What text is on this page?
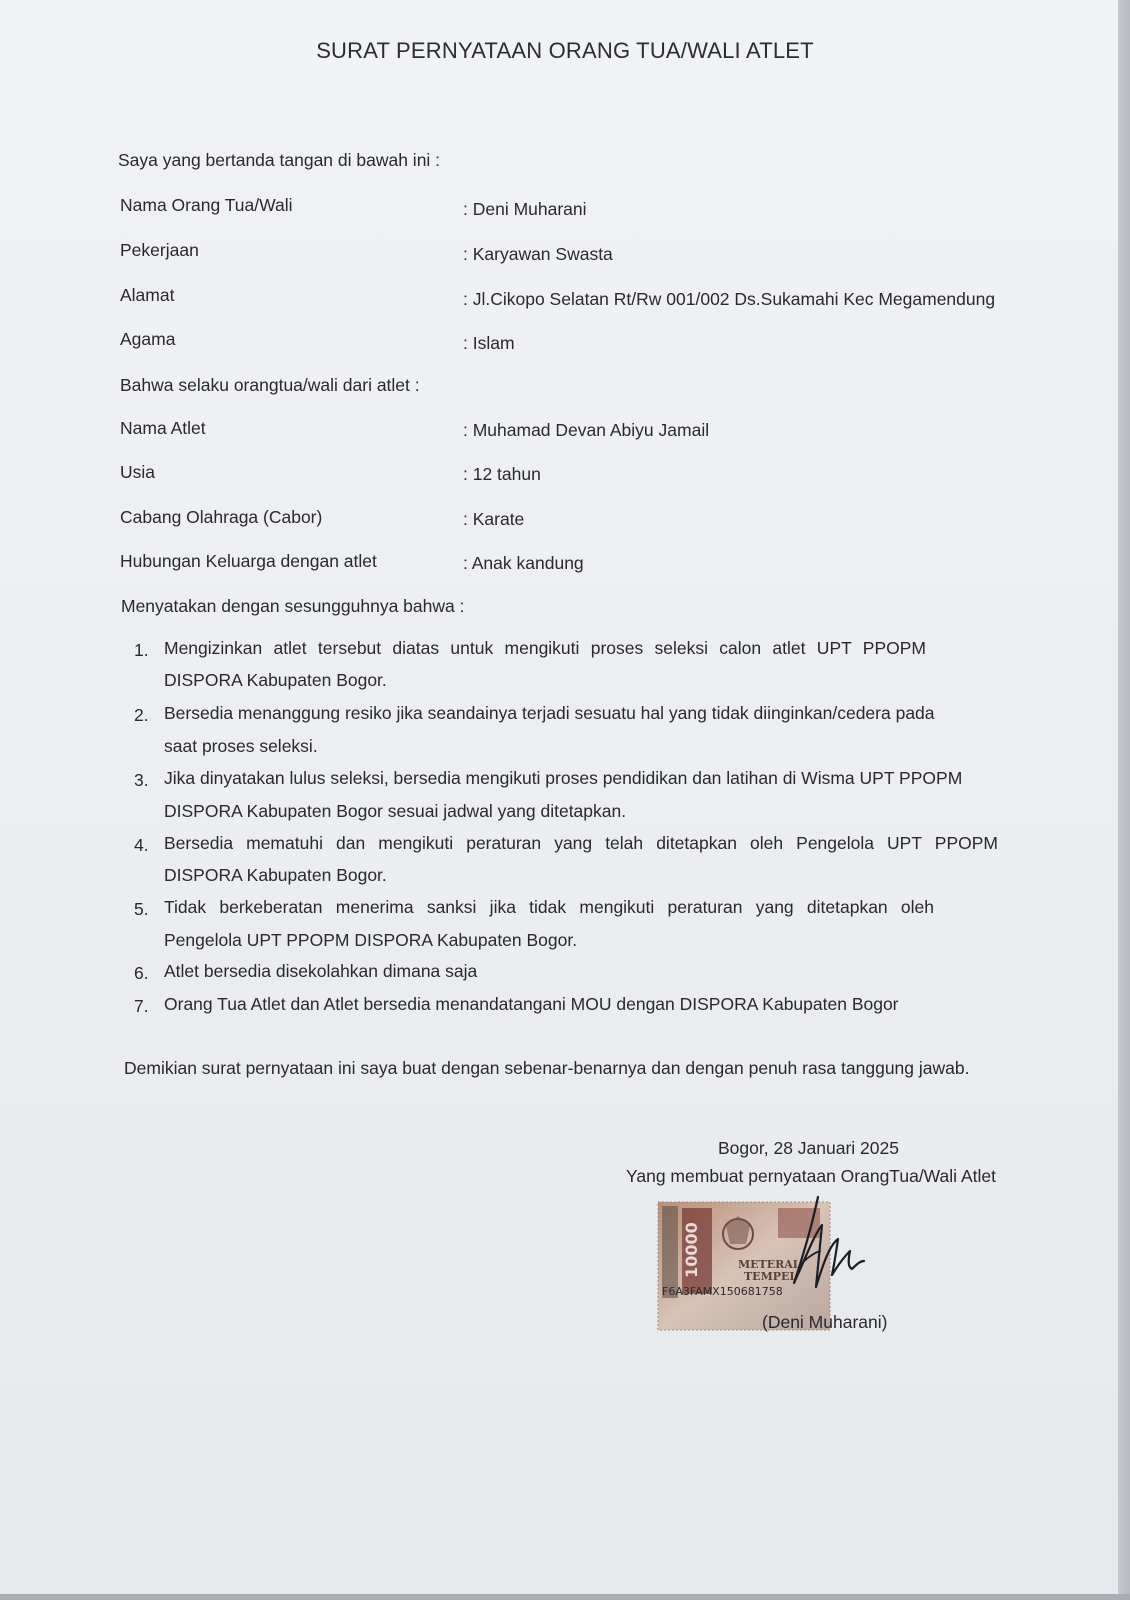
SURAT PERNYATAAN ORANG TUA/WALI ATLET
Saya yang bertanda tangan di bawah ini :
Nama Orang Tua/Wali	: Deni Muharani
Pekerjaan	: Karyawan Swasta
Alamat	: Jl.Cikopo Selatan Rt/Rw 001/002 Ds.Sukamahi Kec Megamendung
Agama	: Islam
Bahwa selaku orangtua/wali dari atlet :
Nama Atlet	: Muhamad Devan Abiyu Jamail
Usia	: 12 tahun
Cabang Olahraga (Cabor)	: Karate
Hubungan Keluarga dengan atlet	: Anak kandung
Menyatakan dengan sesungguhnya bahwa :
1. Mengizinkan atlet tersebut diatas untuk mengikuti proses seleksi calon atlet UPT PPOPM
DISPORA Kabupaten Bogor.
2. Bersedia menanggung resiko jika seandainya terjadi sesuatu hal yang tidak diinginkan/cedera pada
saat proses seleksi.
3. Jika dinyatakan lulus seleksi, bersedia mengikuti proses pendidikan dan latihan di Wisma UPT PPOPM
DISPORA Kabupaten Bogor sesuai jadwal yang ditetapkan.
4. Bersedia mematuhi dan mengikuti peraturan yang telah ditetapkan oleh Pengelola UPT PPOPM
DISPORA Kabupaten Bogor.
5. Tidak berkeberatan menerima sanksi jika tidak mengikuti peraturan yang ditetapkan oleh
Pengelola UPT PPOPM DISPORA Kabupaten Bogor.
6. Atlet bersedia disekolahkan dimana saja
7. Orang Tua Atlet dan Atlet bersedia menandatangani MOU dengan DISPORA Kabupaten Bogor
Demikian surat pernyataan ini saya buat dengan sebenar-benarnya dan dengan penuh rasa tanggung jawab.
Bogor, 28 Januari 2025
Yang membuat pernyataan OrangTua/Wali Atlet
10000	METERAI
TEMPEL
F6A3FAMX150681758
(Deni Muharani)
